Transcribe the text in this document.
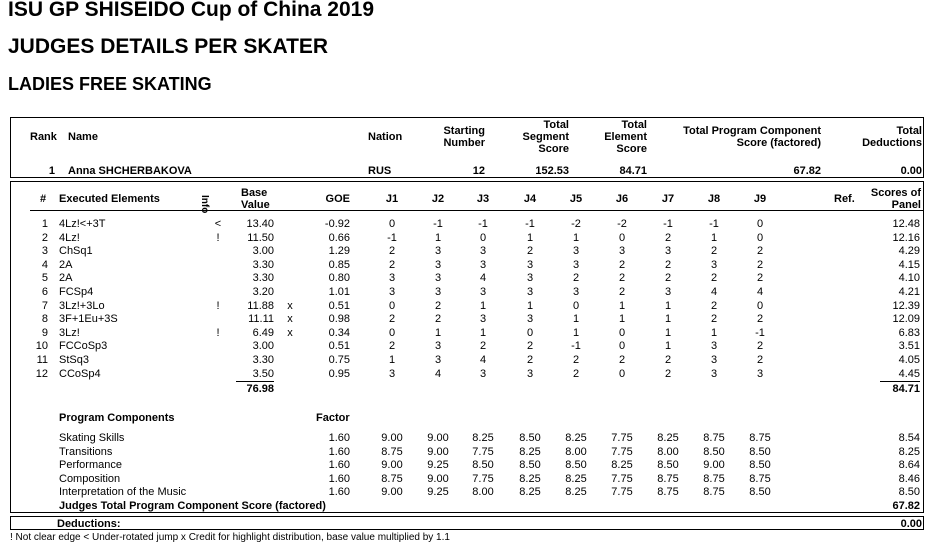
ISU GP SHISEIDO Cup of China 2019
JUDGES DETAILS PER SKATER
LADIES FREE SKATING
Rank Name	Nation	Starting
Number
Total
Segment
Score
Total
Element
Score
Total Program Component
Score (factored)
Total
Deductions
1 Anna SHCHERBAKOVA	RUS	12	152.53	84.71	67.82	0.00
# Executed Elements	Info
Base
Value	GOE	J1	J2	J3	J4	J5	J6	J7	J8	J9	Ref.	Scores of
Panel
1 4Lz!<+3T	<	13.40	-0.92	0	-1	-1	-1	-2	-2	-1	-1	0	12.48
2 4Lz!	!	11.50	0.66	-1	1	0	1	1	0	2	1	0	12.16
3 ChSq1	3.00	1.29	2	3	3	2	3	3	3	2	2	4.29
4 2A	3.30	0.85	2	3	3	3	3	2	2	3	2	4.15
5 2A	3.30	0.80	3	3	4	3	2	2	2	2	2	4.10
6 FCSp4	3.20	1.01	3	3	3	3	3	2	3	4	4	4.21
7 3Lz!+3Lo	!	11.88 x	0.51	0	2	1	1	0	1	1	2	0	12.39
8 3F+1Eu+3S	11.11 x	0.98	2	2	3	3	1	1	1	2	2	12.09
9 3Lz!	!	6.49 x	0.34	0	1	1	0	1	0	1	1	-1	6.83
10 FCCoSp3	3.00	0.51	2	3	2	2	-1	0	1	3	2	3.51
11 StSq3	3.30	0.75	1	3	4	2	2	2	2	3	2	4.05
12 CCoSp4	3.50	0.95	3	4	3	3	2	0	2	3	3	4.45
76.98	84.71
Program Components	Factor
Skating Skills	1.60	9.00	9.00	8.25	8.50	8.25	7.75	8.25	8.75	8.75	8.54
Transitions	1.60	8.75	9.00	7.75	8.25	8.00	7.75	8.00	8.50	8.50	8.25
Performance	1.60	9.00	9.25	8.50	8.50	8.50	8.25	8.50	9.00	8.50	8.64
Composition	1.60	8.75	9.00	7.75	8.25	8.25	7.75	8.75	8.75	8.75	8.46
Interpretation of the Music	1.60	9.00	9.25	8.00	8.25	8.25	7.75	8.75	8.75	8.50	8.50
Judges Total Program Component Score (factored)	67.82
Deductions:	0.00
! Not clear edge < Under-rotated jump x Credit for highlight distribution, base value multiplied by 1.1
